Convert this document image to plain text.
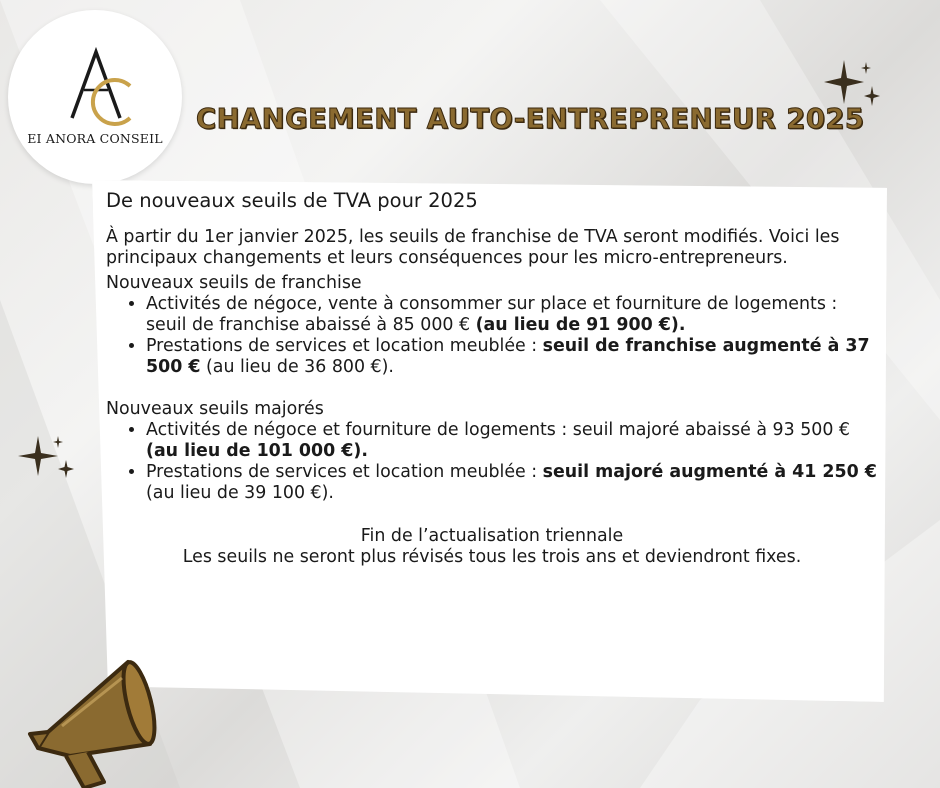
EI ANORA CONSEIL
CHANGEMENT AUTO-ENTREPRENEUR 2025
De nouveaux seuils de TVA pour 2025

À partir du 1er janvier 2025, les seuils de franchise de TVA seront modifiés. Voici les principaux changements et leurs conséquences pour les micro-entrepreneurs.

Nouveaux seuils de franchise
• Activités de négoce, vente à consommer sur place et fourniture de logements : seuil de franchise abaissé à 85 000 € (au lieu de 91 900 €).
• Prestations de services et location meublée : seuil de franchise augmenté à 37 500 € (au lieu de 36 800 €).
Nouveaux seuils majorés
• Activités de négoce et fourniture de logements : seuil majoré abaissé à 93 500 € (au lieu de 101 000 €).
• Prestations de services et location meublée : seuil majoré augmenté à 41 250 € (au lieu de 39 100 €).
Fin de l’actualisation triennale
Les seuils ne seront plus révisés tous les trois ans et deviendront fixes.
